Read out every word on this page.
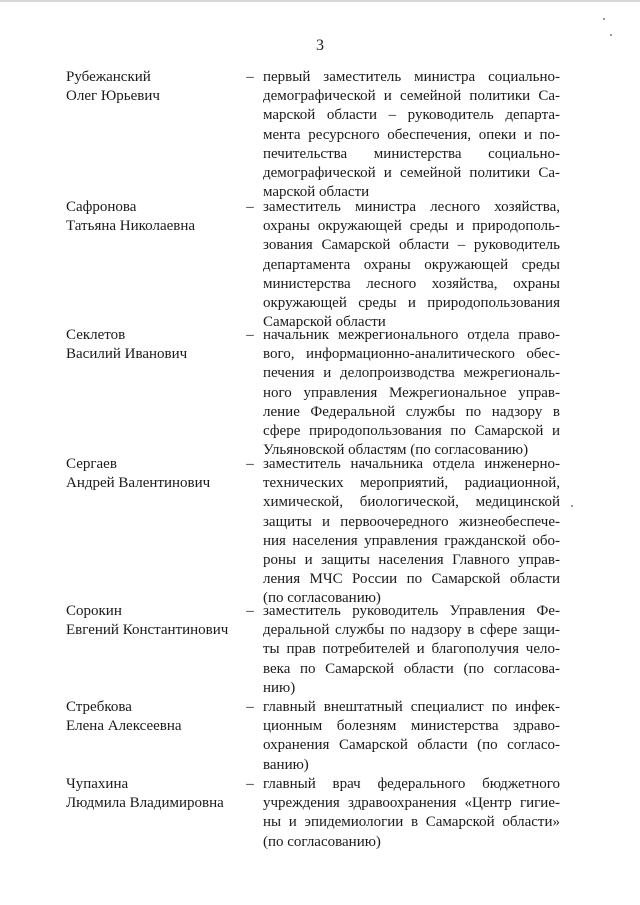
3
Рубежанский
Олег Юрьевич
– первый заместитель министра социально-
демографической и семейной политики Са-
марской области – руководитель департа-
мента ресурсного обеспечения, опеки и по-
печительства министерства социально-
демографической и семейной политики Са-
марской области
Сафронова
Татьяна Николаевна
– заместитель министра лесного хозяйства,
охраны окружающей среды и природополь-
зования Самарской области – руководитель
департамента охраны окружающей среды
министерства лесного хозяйства, охраны
окружающей среды и природопользования
Самарской области
Секлетов
Василий Иванович
– начальник межрегионального отдела право-
вого, информационно-аналитического обес-
печения и делопроизводства межрегиональ-
ного управления Межрегиональное управ-
ление Федеральной службы по надзору в
сфере природопользования по Самарской и
Ульяновской областям (по согласованию)
Сергаев
Андрей Валентинович
– заместитель начальника отдела инженерно-
технических мероприятий, радиационной,
химической, биологической, медицинской
защиты и первоочередного жизнеобеспече-
ния населения управления гражданской обо-
роны и защиты населения Главного управ-
ления МЧС России по Самарской области
(по согласованию)
Сорокин
Евгений Константинович
– заместитель руководитель Управления Фе-
деральной службы по надзору в сфере защи-
ты прав потребителей и благополучия чело-
века по Самарской области (по согласова-
нию)
Стребкова
Елена Алексеевна
– главный внештатный специалист по инфек-
ционным болезням министерства здраво-
охранения Самарской области (по согласо-
ванию)
Чупахина
Людмила Владимировна
– главный врач федерального бюджетного
учреждения здравоохранения «Центр гигие-
ны и эпидемиологии в Самарской области»
(по согласованию)
